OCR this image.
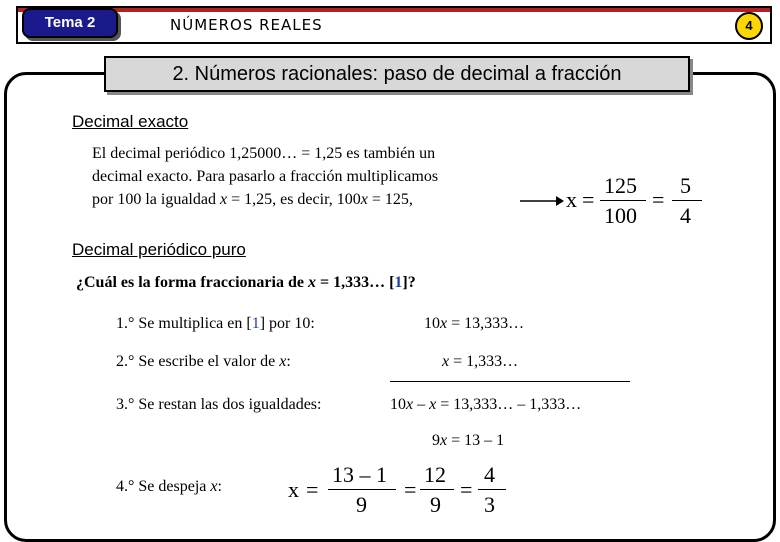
Tema 2	NÚMEROS REALES	4
2. Números racionales: paso de decimal a fracción
Decimal exacto
El decimal periódico 1,25000… = 1,25 es también un
decimal exacto. Para pasarlo a fracción multiplicamos
por 100 la igualdad x = 1,25, es decir, 100x = 125,	x =
125
100
=
5
4
Decimal periódico puro
¿Cuál es la forma fraccionaria de x = 1,333… [1]?
1.° Se multiplica en [1] por 10:	10x = 13,333…
2.° Se escribe el valor de x:	x = 1,333…
3.° Se restan las dos igualdades:	10x – x = 13,333… – 1,333…
9x = 13 – 1
4.° Se despeja x:	x =
13 – 1
9
=
12
9
=
4
3
